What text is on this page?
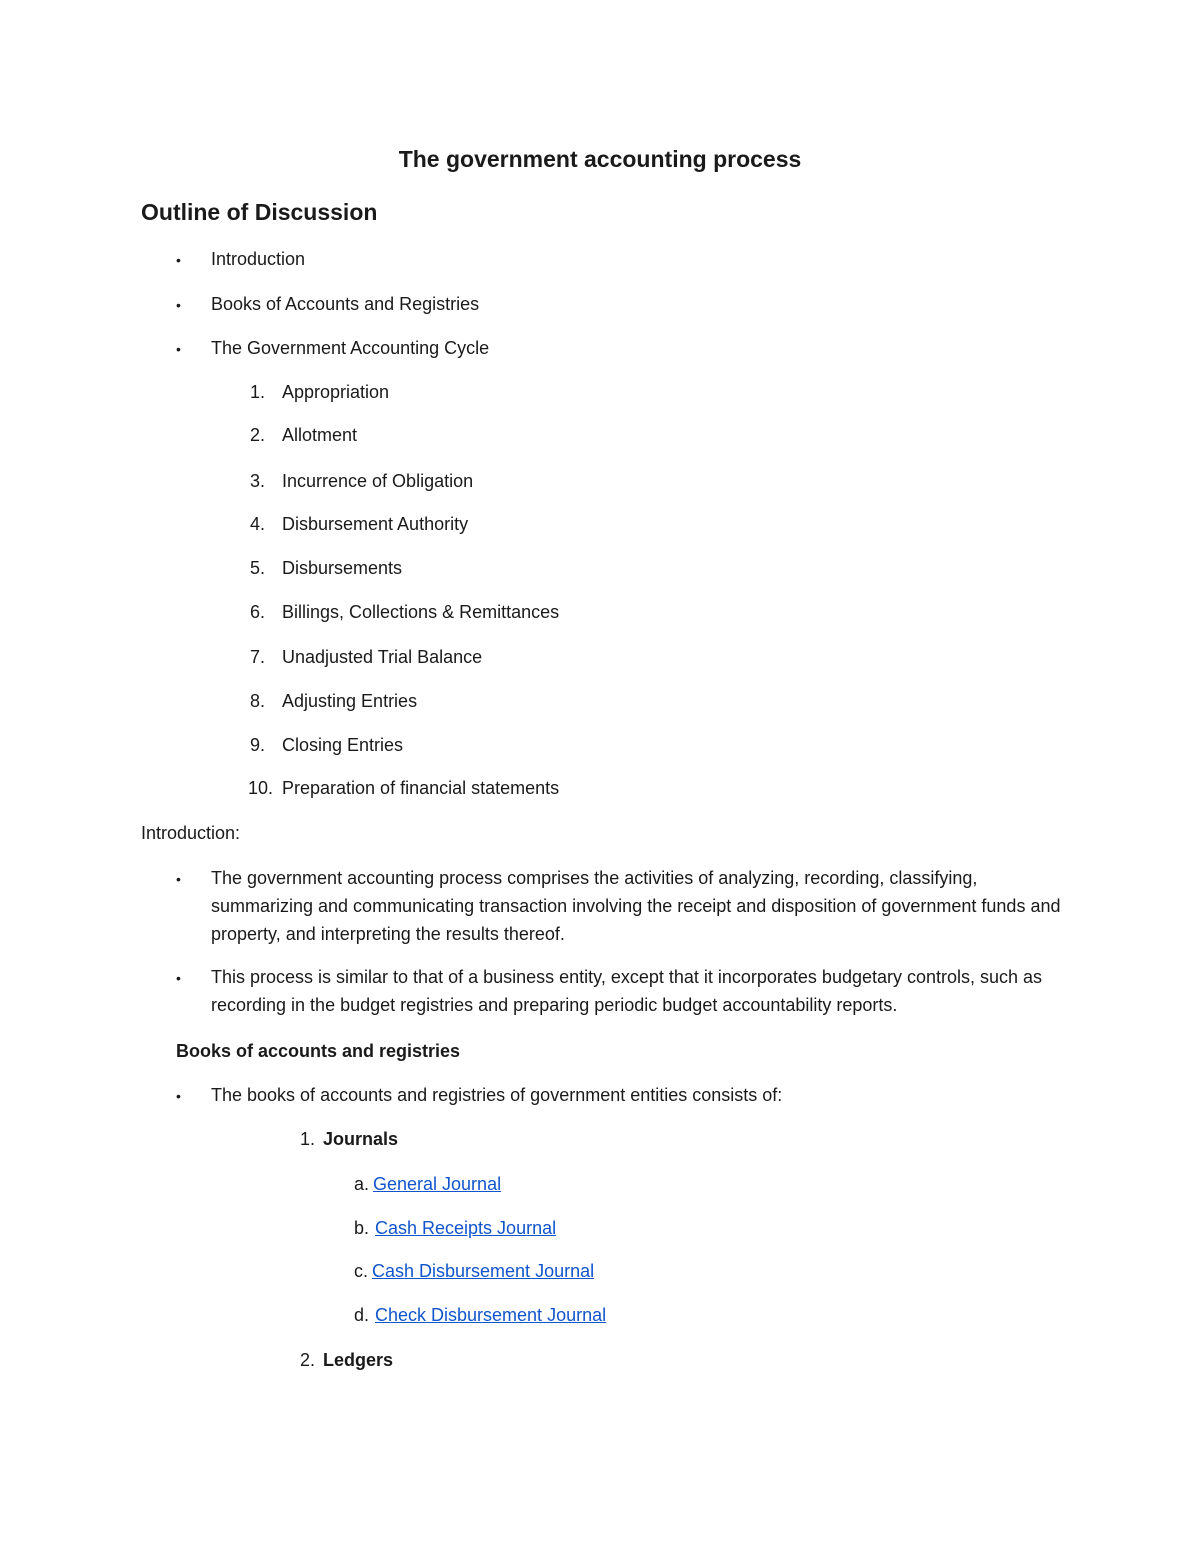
The government accounting process
Outline of Discussion
• Introduction
• Books of Accounts and Registries
• The Government Accounting Cycle
1. Appropriation
2. Allotment
3. Incurrence of Obligation
4. Disbursement Authority
5. Disbursements
6. Billings, Collections & Remittances
7. Unadjusted Trial Balance
8. Adjusting Entries
9. Closing Entries
10. Preparation of financial statements
Introduction:
• The government accounting process comprises the activities of analyzing, recording, classifying, summarizing and communicating transaction involving the receipt and disposition of government funds and property, and interpreting the results thereof.
• This process is similar to that of a business entity, except that it incorporates budgetary controls, such as recording in the budget registries and preparing periodic budget accountability reports.
Books of accounts and registries
• The books of accounts and registries of government entities consists of:
1. Journals
a. General Journal
b. Cash Receipts Journal
c. Cash Disbursement Journal
d. Check Disbursement Journal
2. Ledgers
